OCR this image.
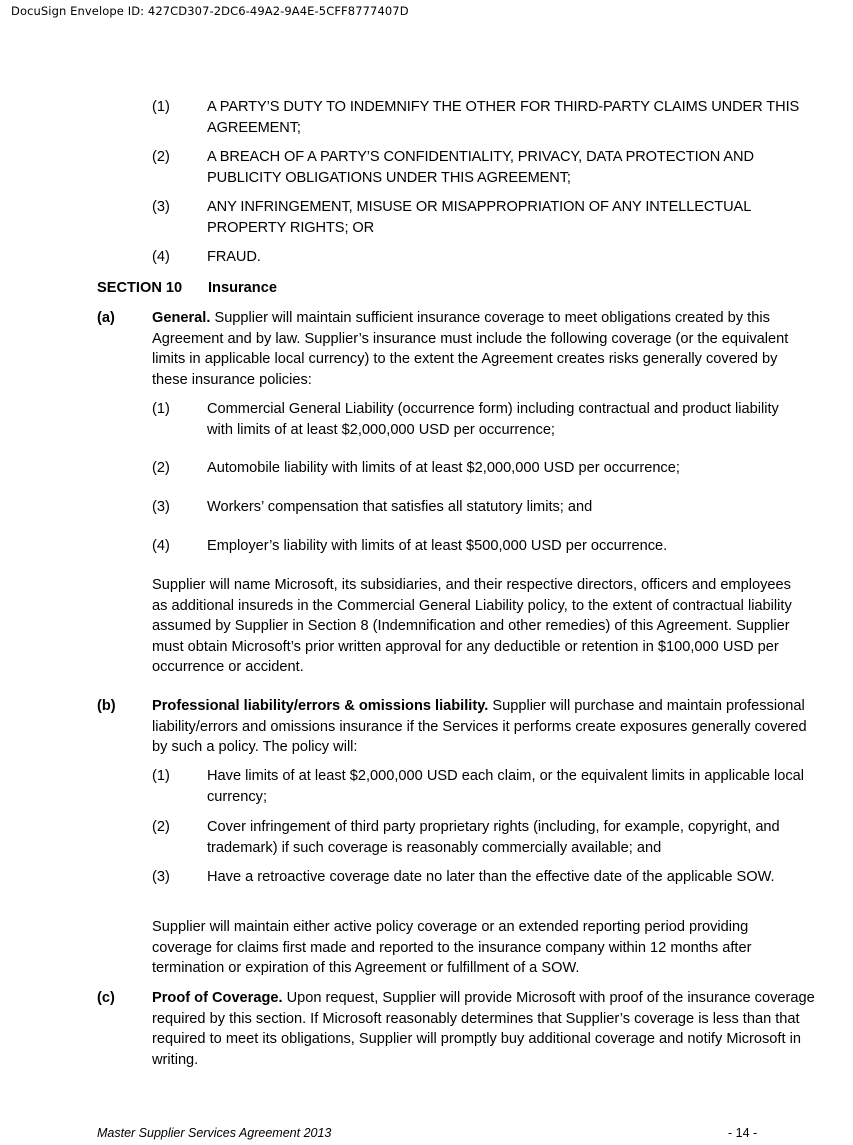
DocuSign Envelope ID: 427CD307-2DC6-49A2-9A4E-5CFF8777407D
(1)	A PARTY’S DUTY TO INDEMNIFY THE OTHER FOR THIRD-PARTY CLAIMS UNDER THIS AGREEMENT;
(2)	A BREACH OF A PARTY’S CONFIDENTIALITY, PRIVACY, DATA PROTECTION AND PUBLICITY OBLIGATIONS UNDER THIS AGREEMENT;
(3)	ANY INFRINGEMENT, MISUSE OR MISAPPROPRIATION OF ANY INTELLECTUAL PROPERTY RIGHTS; OR
(4)	FRAUD.
SECTION 10 Insurance
(a)	General. Supplier will maintain sufficient insurance coverage to meet obligations created by this Agreement and by law. Supplier’s insurance must include the following coverage (or the equivalent limits in applicable local currency) to the extent the Agreement creates risks generally covered by these insurance policies:
(1)	Commercial General Liability (occurrence form) including contractual and product liability with limits of at least $2,000,000 USD per occurrence;
(2)	Automobile liability with limits of at least $2,000,000 USD per occurrence;
(3)	Workers’ compensation that satisfies all statutory limits; and
(4)	Employer’s liability with limits of at least $500,000 USD per occurrence.
Supplier will name Microsoft, its subsidiaries, and their respective directors, officers and employees as additional insureds in the Commercial General Liability policy, to the extent of contractual liability assumed by Supplier in Section 8 (Indemnification and other remedies) of this Agreement. Supplier must obtain Microsoft’s prior written approval for any deductible or retention in $100,000 USD per occurrence or accident.
(b) Professional liability/errors & omissions liability. Supplier will purchase and maintain professional liability/errors and omissions insurance if the Services it performs create exposures generally covered by such a policy. The policy will:
(1)	Have limits of at least $2,000,000 USD each claim, or the equivalent limits in applicable local currency;
(2)	Cover infringement of third party proprietary rights (including, for example, copyright, and trademark) if such coverage is reasonably commercially available; and
(3)	Have a retroactive coverage date no later than the effective date of the applicable SOW.
Supplier will maintain either active policy coverage or an extended reporting period providing coverage for claims first made and reported to the insurance company within 12 months after termination or expiration of this Agreement or fulfillment of a SOW.
(c)	Proof of Coverage. Upon request, Supplier will provide Microsoft with proof of the insurance coverage required by this section. If Microsoft reasonably determines that Supplier’s coverage is less than that required to meet its obligations, Supplier will promptly buy additional coverage and notify Microsoft in writing.
Master Supplier Services Agreement 2013	- 14 -
